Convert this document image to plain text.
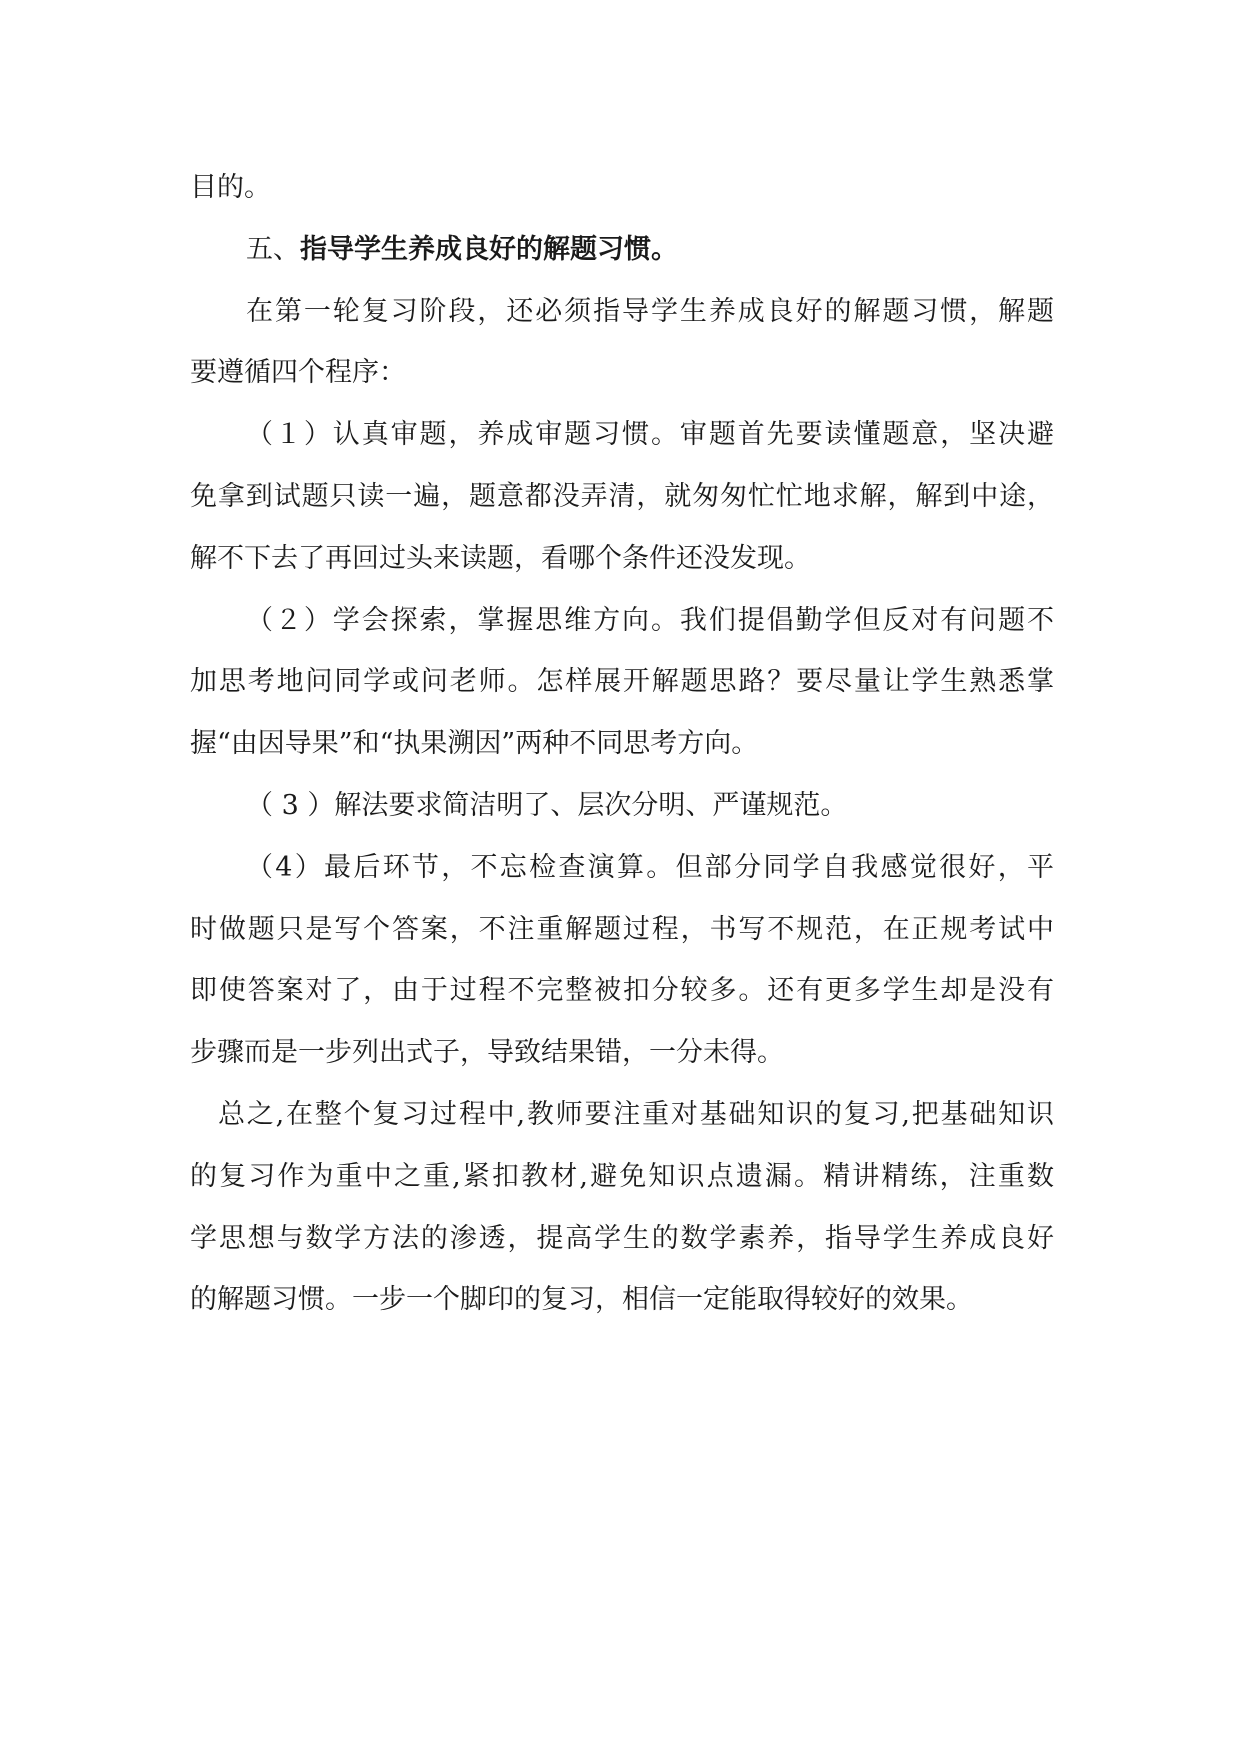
目的。
五、指导学生养成良好的解题习惯。
在第一轮复习阶段，还必须指导学生养成良好的解题习惯，解题
要遵循四个程序：
（１）认真审题，养成审题习惯。审题首先要读懂题意，坚决避
免拿到试题只读一遍，题意都没弄清，就匆匆忙忙地求解，解到中途，
解不下去了再回过头来读题，看哪个条件还没发现。
（２）学会探索，掌握思维方向。我们提倡勤学但反对有问题不
加思考地问同学或问老师。怎样展开解题思路？要尽量让学生熟悉掌
握“由因导果”和“执果溯因”两种不同思考方向。
（ 3 ）解法要求简洁明了、层次分明、严谨规范。
（4）最后环节，不忘检查演算。但部分同学自我感觉很好，平
时做题只是写个答案，不注重解题过程，书写不规范，在正规考试中
即使答案对了，由于过程不完整被扣分较多。还有更多学生却是没有
步骤而是一步列出式子，导致结果错，一分未得。
总之,在整个复习过程中,教师要注重对基础知识的复习,把基础知识
的复习作为重中之重,紧扣教材,避免知识点遗漏。精讲精练，注重数
学思想与数学方法的渗透，提高学生的数学素养，指导学生养成良好
的解题习惯。一步一个脚印的复习，相信一定能取得较好的效果。
